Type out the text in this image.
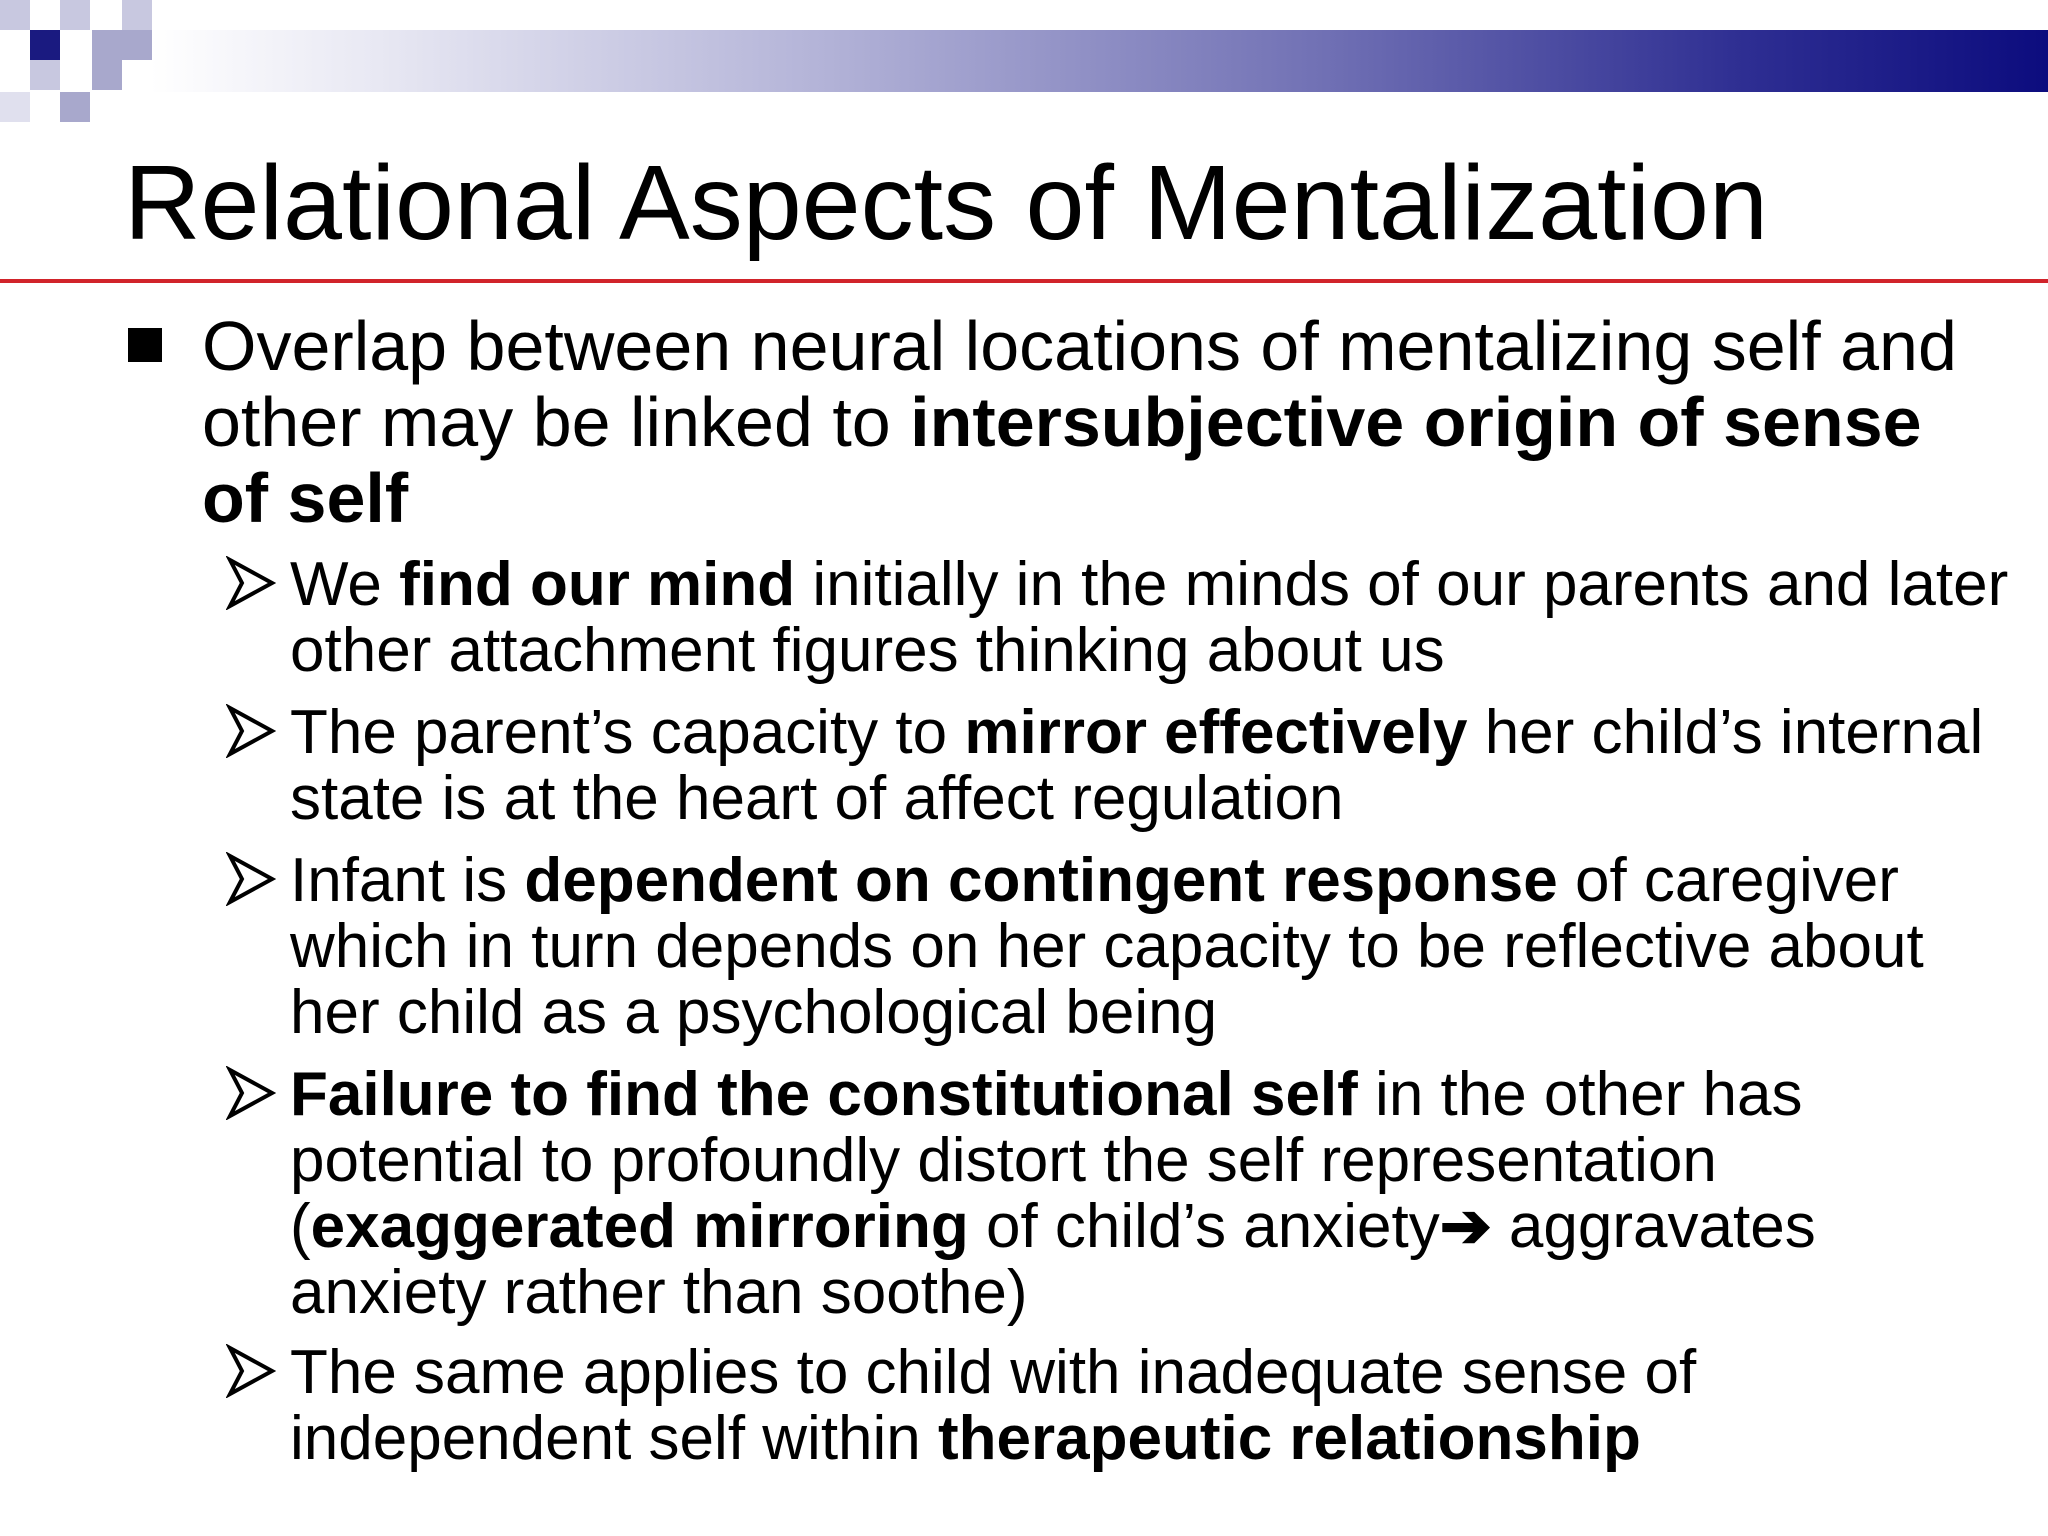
Relational Aspects of Mentalization
Overlap between neural locations of mentalizing self and other may be linked to intersubjective origin of sense of self
We find our mind initially in the minds of our parents and later other attachment figures thinking about us
The parent’s capacity to mirror effectively her child’s internal state is at the heart of affect regulation
Infant is dependent on contingent response of caregiver which in turn depends on her capacity to be reflective about her child as a psychological being
Failure to find the constitutional self in the other has potential to profoundly distort the self representation (exaggerated mirroring of child’s anxiety➔ aggravates anxiety rather than soothe)
The same applies to child with inadequate sense of independent self within therapeutic relationship
